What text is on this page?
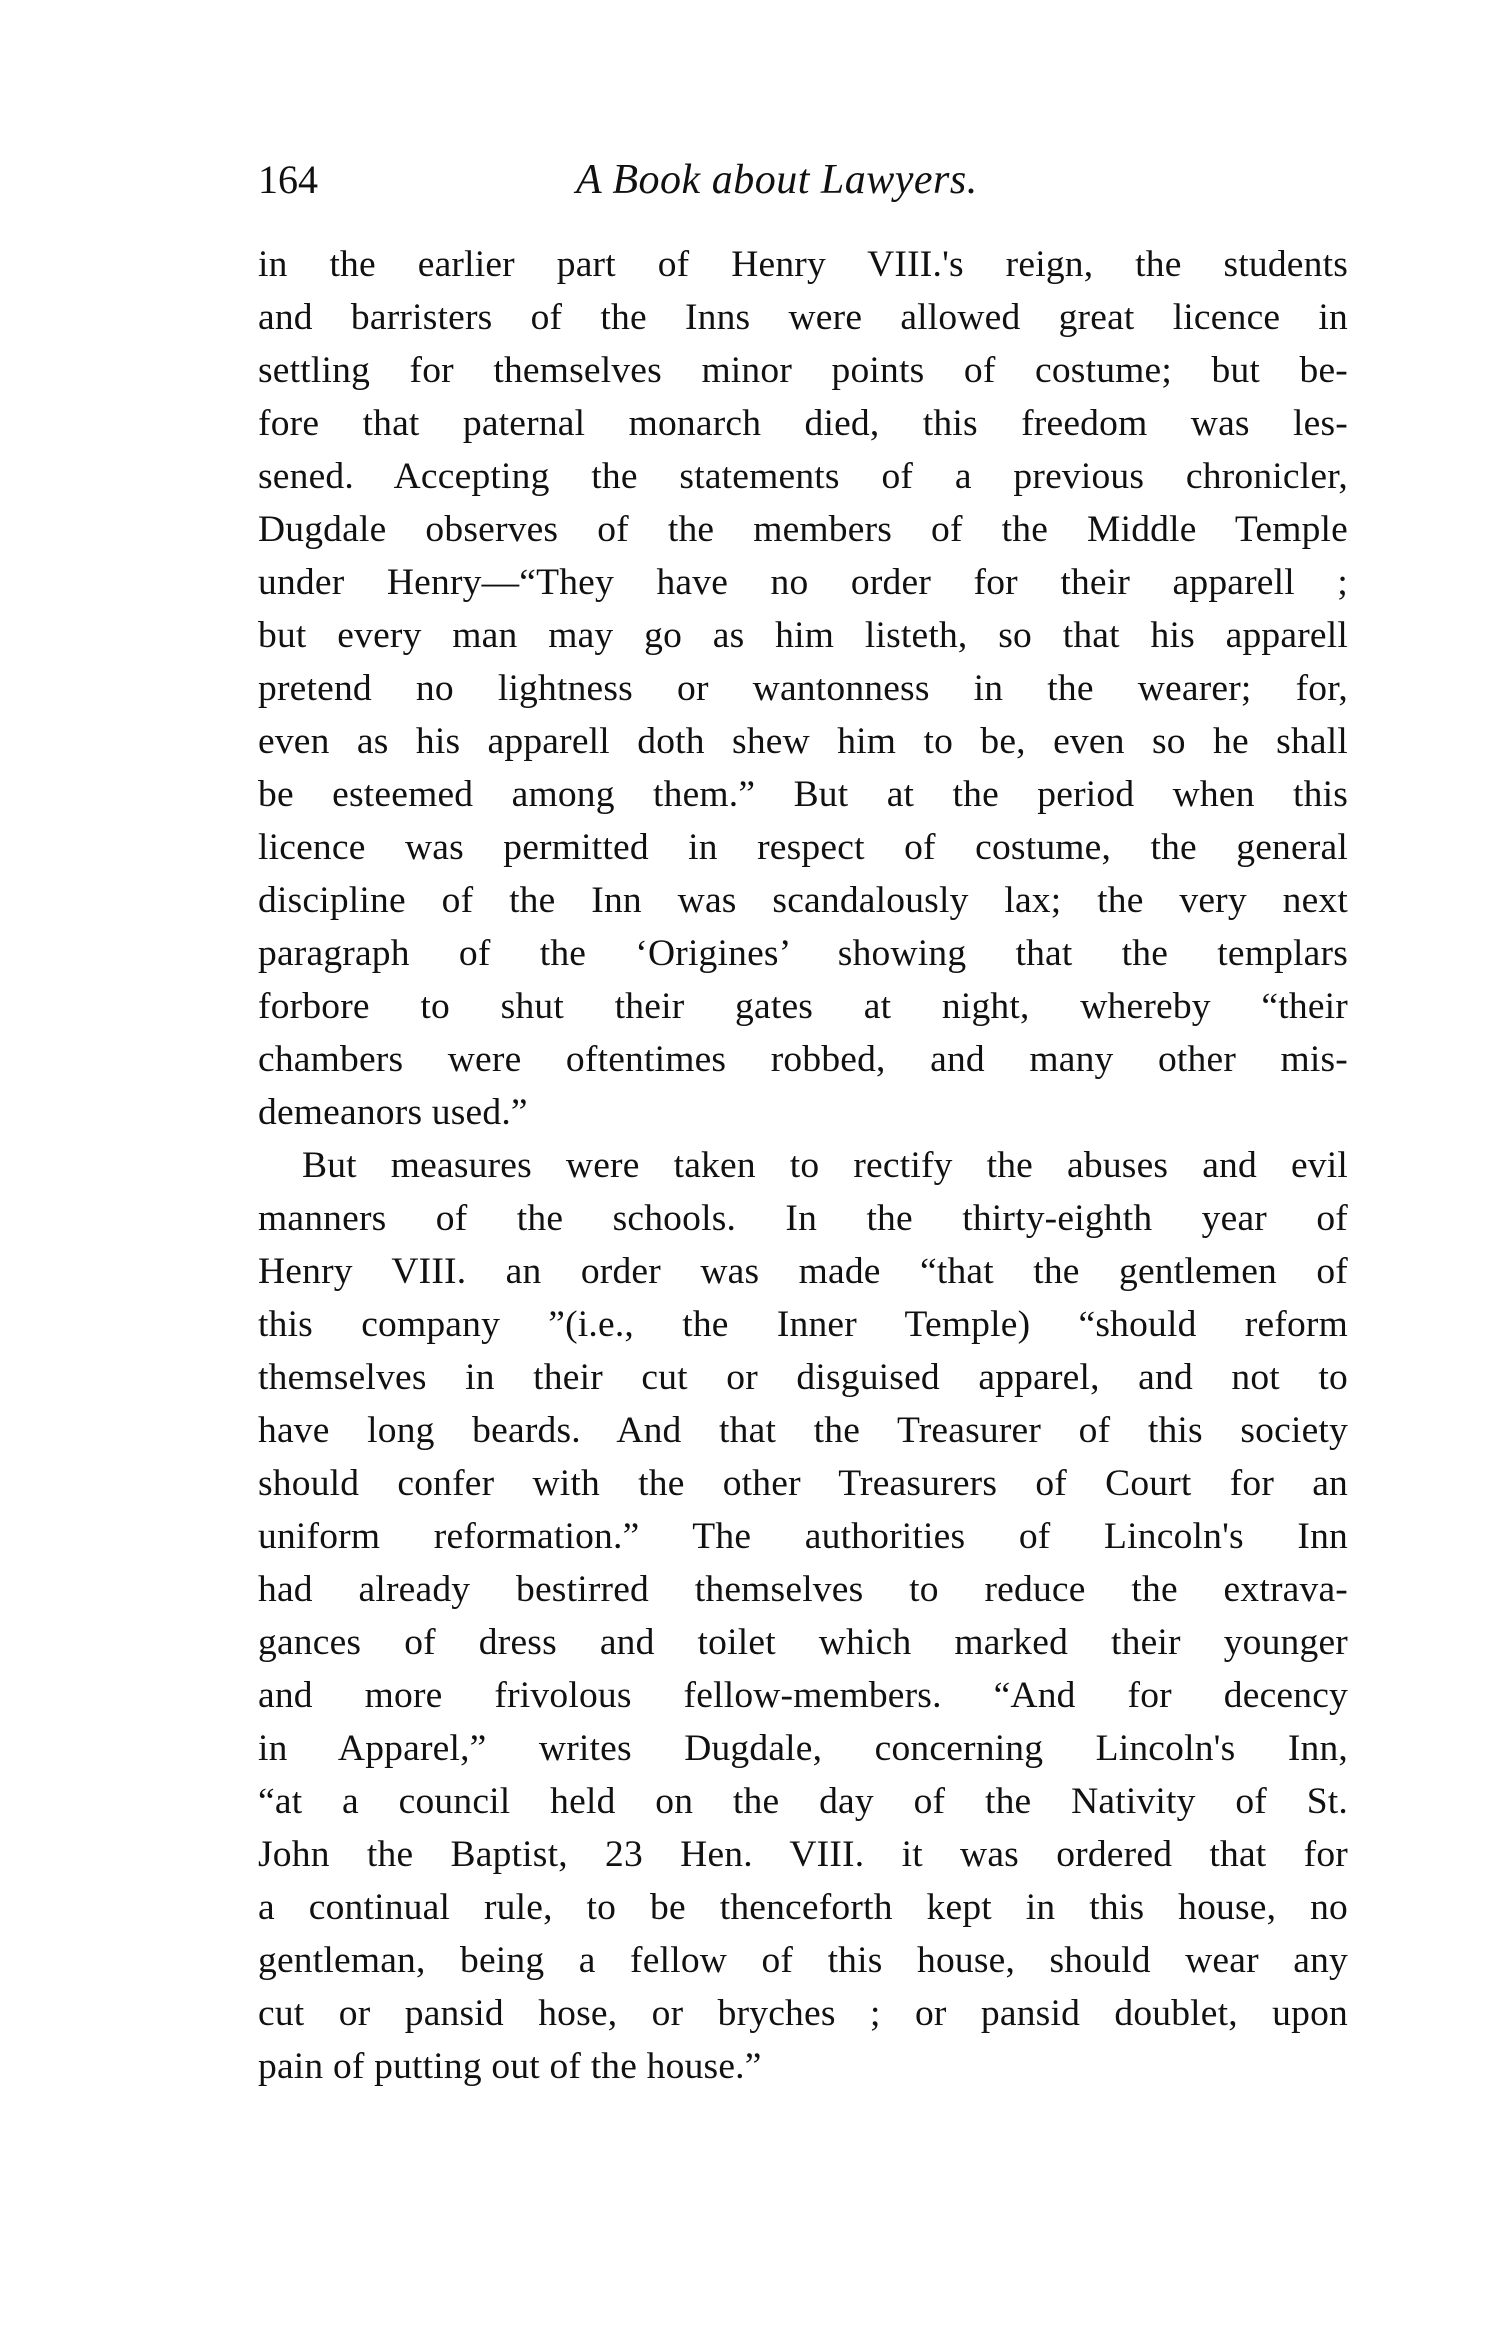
164	A Book about Lawyers.
in the earlier part of Henry VIII.'s reign, the students
and barristers of the Inns were allowed great licence in
settling for themselves minor points of costume; but be-
fore that paternal monarch died, this freedom was les-
sened. Accepting the statements of a previous chronicler,
Dugdale observes of the members of the Middle Temple
under Henry—“They have no order for their apparell ;
but every man may go as him listeth, so that his apparell
pretend no lightness or wantonness in the wearer; for,
even as his apparell doth shew him to be, even so he shall
be esteemed among them.” But at the period when this
licence was permitted in respect of costume, the general
discipline of the Inn was scandalously lax; the very next
paragraph of the ‘Origines’ showing that the templars
forbore to shut their gates at night, whereby “their
chambers were oftentimes robbed, and many other mis-
demeanors used.”
But measures were taken to rectify the abuses and evil
manners of the schools. In the thirty-eighth year of
Henry VIII. an order was made “that the gentlemen of
this company ”(i.e., the Inner Temple) “should reform
themselves in their cut or disguised apparel, and not to
have long beards. And that the Treasurer of this society
should confer with the other Treasurers of Court for an
uniform reformation.” The authorities of Lincoln's Inn
had already bestirred themselves to reduce the extrava-
gances of dress and toilet which marked their younger
and more frivolous fellow-members. “And for decency
in Apparel,” writes Dugdale, concerning Lincoln's Inn,
“at a council held on the day of the Nativity of St.
John the Baptist, 23 Hen. VIII. it was ordered that for
a continual rule, to be thenceforth kept in this house, no
gentleman, being a fellow of this house, should wear any
cut or pansid hose, or bryches ; or pansid doublet, upon
pain of putting out of the house.”
